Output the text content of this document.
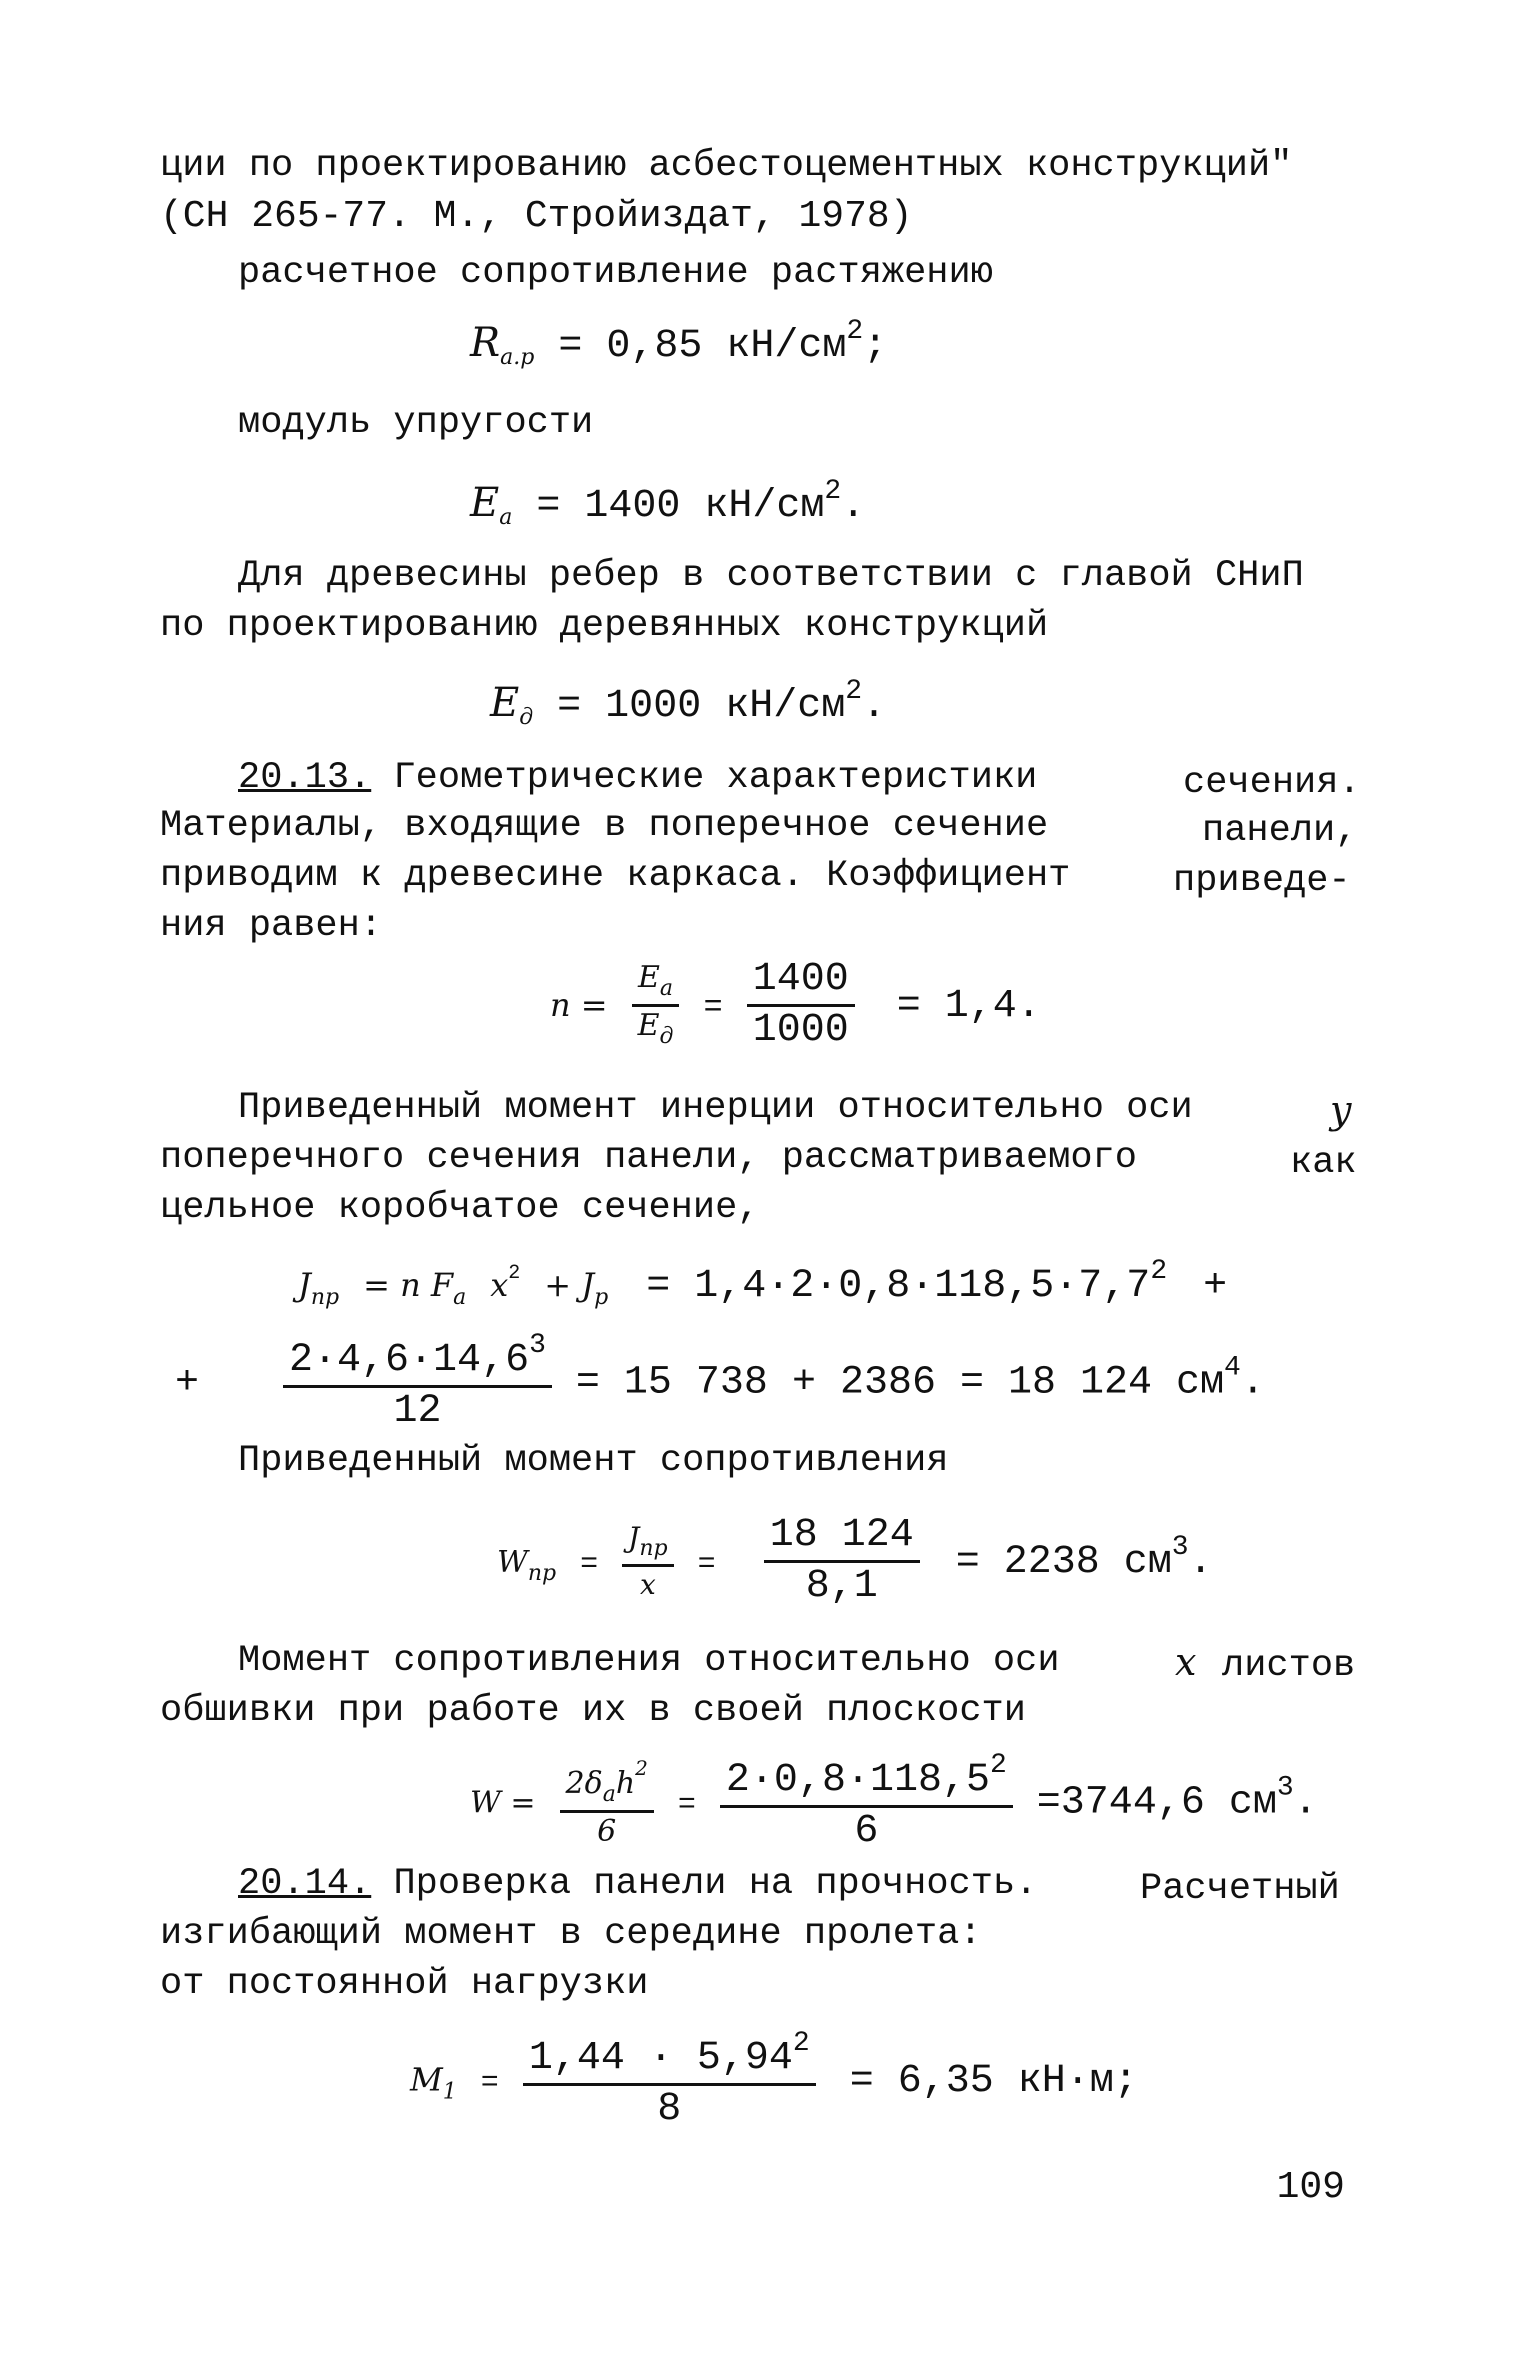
ции по проектированию асбестоцементных конструкций"
(СН 265-77. М., Стройиздат, 1978)
расчетное сопротивление растяжению
$R_{а.р} = 0,85$ $кН/см^2$;
модуль упругости
$E_а = 1400$ $кН/см^2$.
Для древесины ребер в соответствии с главой СНиП
по проектированию деревянных конструкций
$E_д = 1000$ $кН/см^2$.
20.13. Геометрические характеристики	сечения.
Материалы, входящие в поперечное сечение	панели,
приводим к древесине каркаса. Коэффициент	приведе-
ния равен:
$n = \frac{E_а}{E_д} = \frac{1400}{1000} = 1,4$.
Приведенный момент инерции относительно оси	y
поперечного сечения панели, рассматриваемого	как
цельное коробчатое сечение,
$J_{пр} = n$ $F_а$ $x^2 + J_р = 1,4\cdot 2\cdot 0,8\cdot 118,5\cdot 7,7^2$ +
+ $\frac{2\cdot 4,6\cdot 14,6^3}{12} = 15$ 738 + 2386 = 18 124 $см^4$.
Приведенный момент сопротивления
$W_{пр} = \frac{J_{пр}}{x} = \frac{18 124}{8,1} = 2238$ $см^3$.
Момент сопротивления относительно оси	x листов
обшивки при работе их в своей плоскости
$W = \frac{2\delta_аh^2}{6} = \frac{2\cdot 0,8\cdot 118,5^2}{6} =3744,6$ $см^3$.
20.14. Проверка панели на прочность.	Расчетный
изгибающий момент в середине пролета:
от постоянной нагрузки
$M_1 = \frac{1,44 \cdot 5,94^2}{8} = 6,35$ кН·м;
109
